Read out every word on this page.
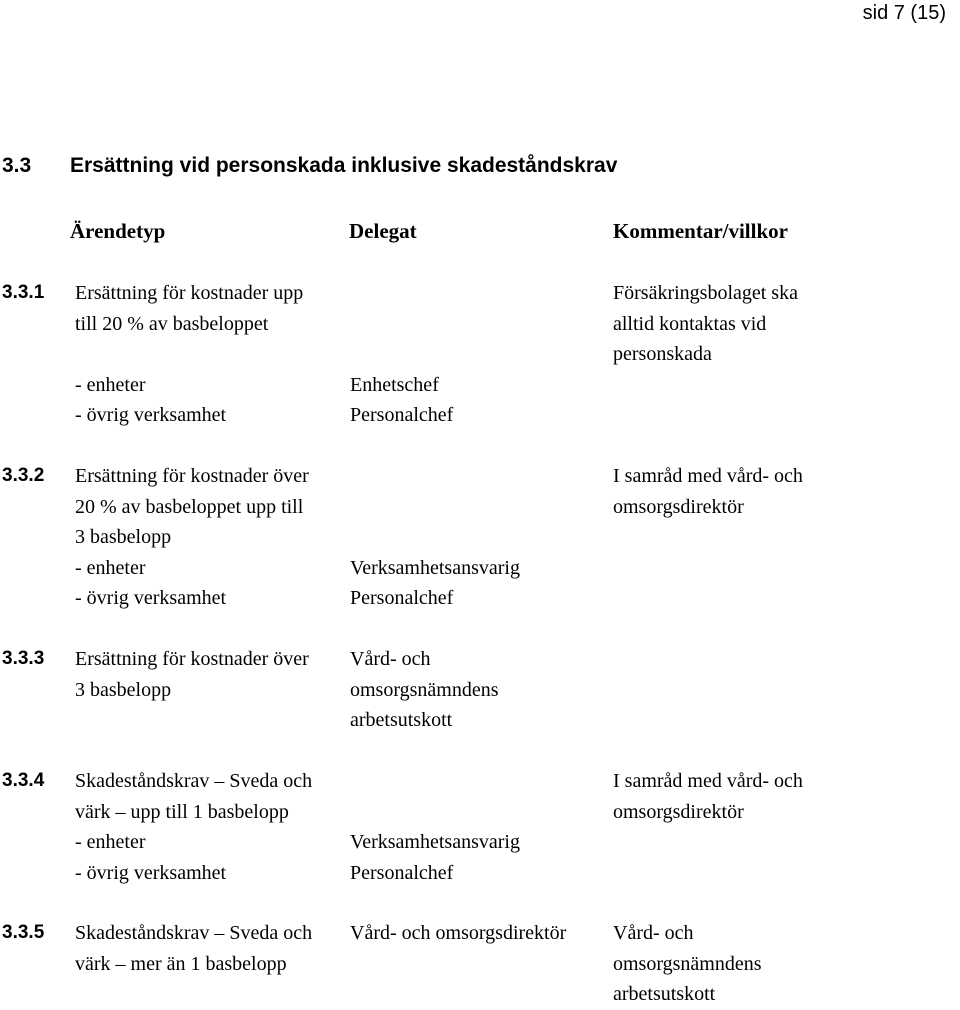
sid 7 (15)
3.3 Ersättning vid personskada inklusive skadeståndskrav
Ärendetyp	Delegat	Kommentar/villkor
3.3.1 Ersättning för kostnader upp
till 20 % av basbeloppet
- enheter
- övrig verksamhet
Enhetschef
Personalchef
Försäkringsbolaget ska
alltid kontaktas vid
personskada
3.3.2 Ersättning för kostnader över
20 % av basbeloppet upp till
3 basbelopp
- enheter
- övrig verksamhet
Verksamhetsansvarig
Personalchef
I samråd med vård- och
omsorgsdirektör
3.3.3 Ersättning för kostnader över
3 basbelopp
Vård- och
omsorgsnämndens
arbetsutskott
3.3.4 Skadeståndskrav – Sveda och
värk – upp till 1 basbelopp
- enheter
- övrig verksamhet
Verksamhetsansvarig
Personalchef
I samråd med vård- och
omsorgsdirektör
3.3.5 Skadeståndskrav – Sveda och
värk – mer än 1 basbelopp
Vård- och omsorgsdirektör Vård- och
omsorgsnämndens
arbetsutskott
